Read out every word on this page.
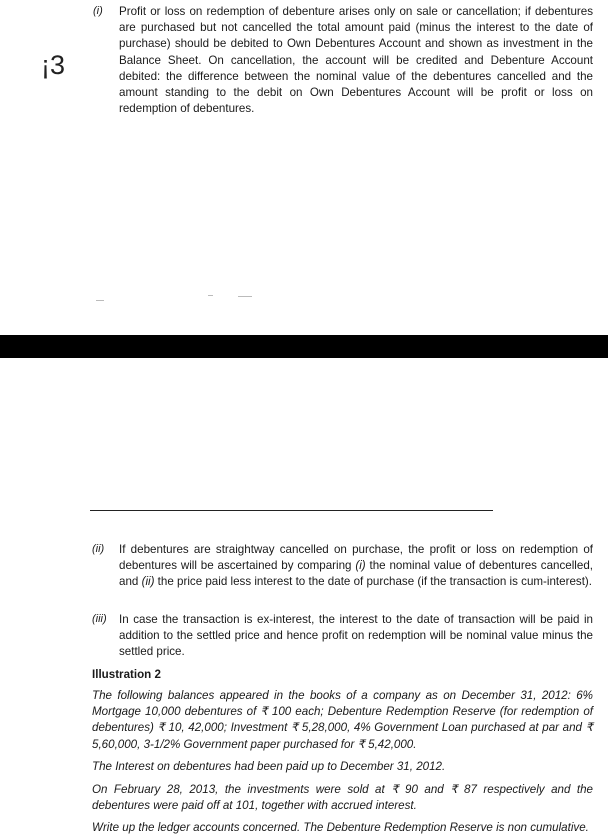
¡3
(i) Profit or loss on redemption of debenture arises only on sale or cancellation; if debentures are purchased but not cancelled the total amount paid (minus the interest to the date of purchase) should be debited to Own Debentures Account and shown as investment in the Balance Sheet. On cancellation, the account will be credited and Debenture Account debited: the difference between the nominal value of the debentures cancelled and the amount standing to the debit on Own Debentures Account will be profit or loss on redemption of debentures.
(ii) If debentures are straightway cancelled on purchase, the profit or loss on redemption of debentures will be ascertained by comparing (i) the nominal value of debentures cancelled, and (ii) the price paid less interest to the date of purchase (if the transaction is cum-interest).
(iii) In case the transaction is ex-interest, the interest to the date of transaction will be paid in addition to the settled price and hence profit on redemption will be nominal value minus the settled price.
Illustration 2
The following balances appeared in the books of a company as on December 31, 2012: 6% Mortgage 10,000 debentures of ₹ 100 each; Debenture Redemption Reserve (for redemption of debentures) ₹ 10, 42,000; Investment ₹ 5,28,000, 4% Government Loan purchased at par and ₹ 5,60,000, 3-1/2% Government paper purchased for ₹ 5,42,000.
The Interest on debentures had been paid up to December 31, 2012.
On February 28, 2013, the investments were sold at ₹ 90 and ₹ 87 respectively and the debentures were paid off at 101, together with accrued interest.
Write up the ledger accounts concerned. The Debenture Redemption Reserve is non cumulative.
